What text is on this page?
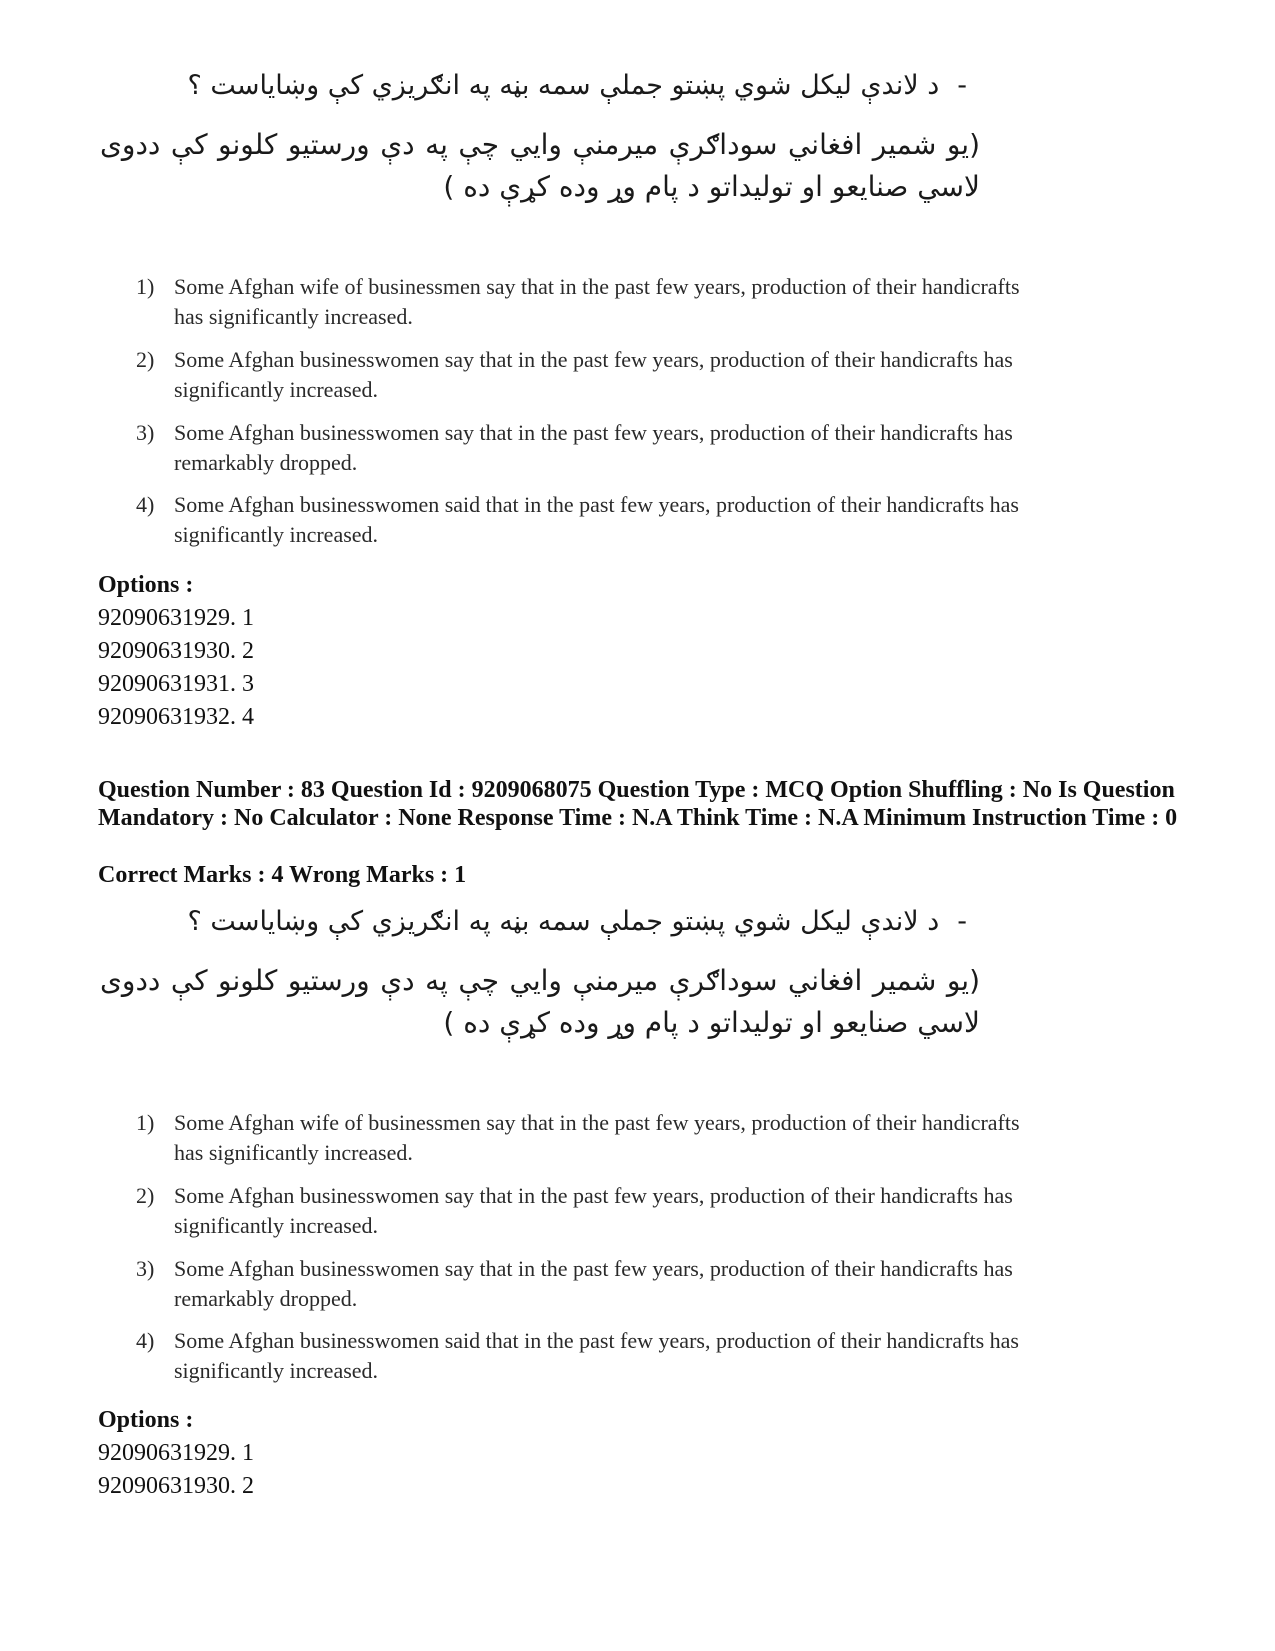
-د لاندې لیکل شوي پښتو جملې سمه بڼه په انګریزي کې وښایاست ؟
(یو شمیر افغاني سوداګرې میرمنې وایي چې په دې ورستیو کلونو کې ددوی لاسي صنایعو او تولیداتو د پام وړ وده کړې ده )
1) Some Afghan wife of businessmen say that in the past few years, production of their handicrafts has significantly increased.
2) Some Afghan businesswomen say that in the past few years, production of their handicrafts has significantly increased.
3) Some Afghan businesswomen say that in the past few years, production of their handicrafts has remarkably dropped.
4) Some Afghan businesswomen said that in the past few years, production of their handicrafts has significantly increased.
Options :
92090631929. 1
92090631930. 2
92090631931. 3
92090631932. 4
Question Number : 83 Question Id : 9209068075 Question Type : MCQ Option Shuffling : No Is Question Mandatory : No Calculator : None Response Time : N.A Think Time : N.A Minimum Instruction Time : 0
Correct Marks : 4 Wrong Marks : 1
-د لاندې لیکل شوي پښتو جملې سمه بڼه په انګریزي کې وښایاست ؟
(یو شمیر افغاني سوداګرې میرمنې وایي چې په دې ورستیو کلونو کې ددوی لاسي صنایعو او تولیداتو د پام وړ وده کړې ده )
1) Some Afghan wife of businessmen say that in the past few years, production of their handicrafts has significantly increased.
2) Some Afghan businesswomen say that in the past few years, production of their handicrafts has significantly increased.
3) Some Afghan businesswomen say that in the past few years, production of their handicrafts has remarkably dropped.
4) Some Afghan businesswomen said that in the past few years, production of their handicrafts has significantly increased.
Options :
92090631929. 1
92090631930. 2
